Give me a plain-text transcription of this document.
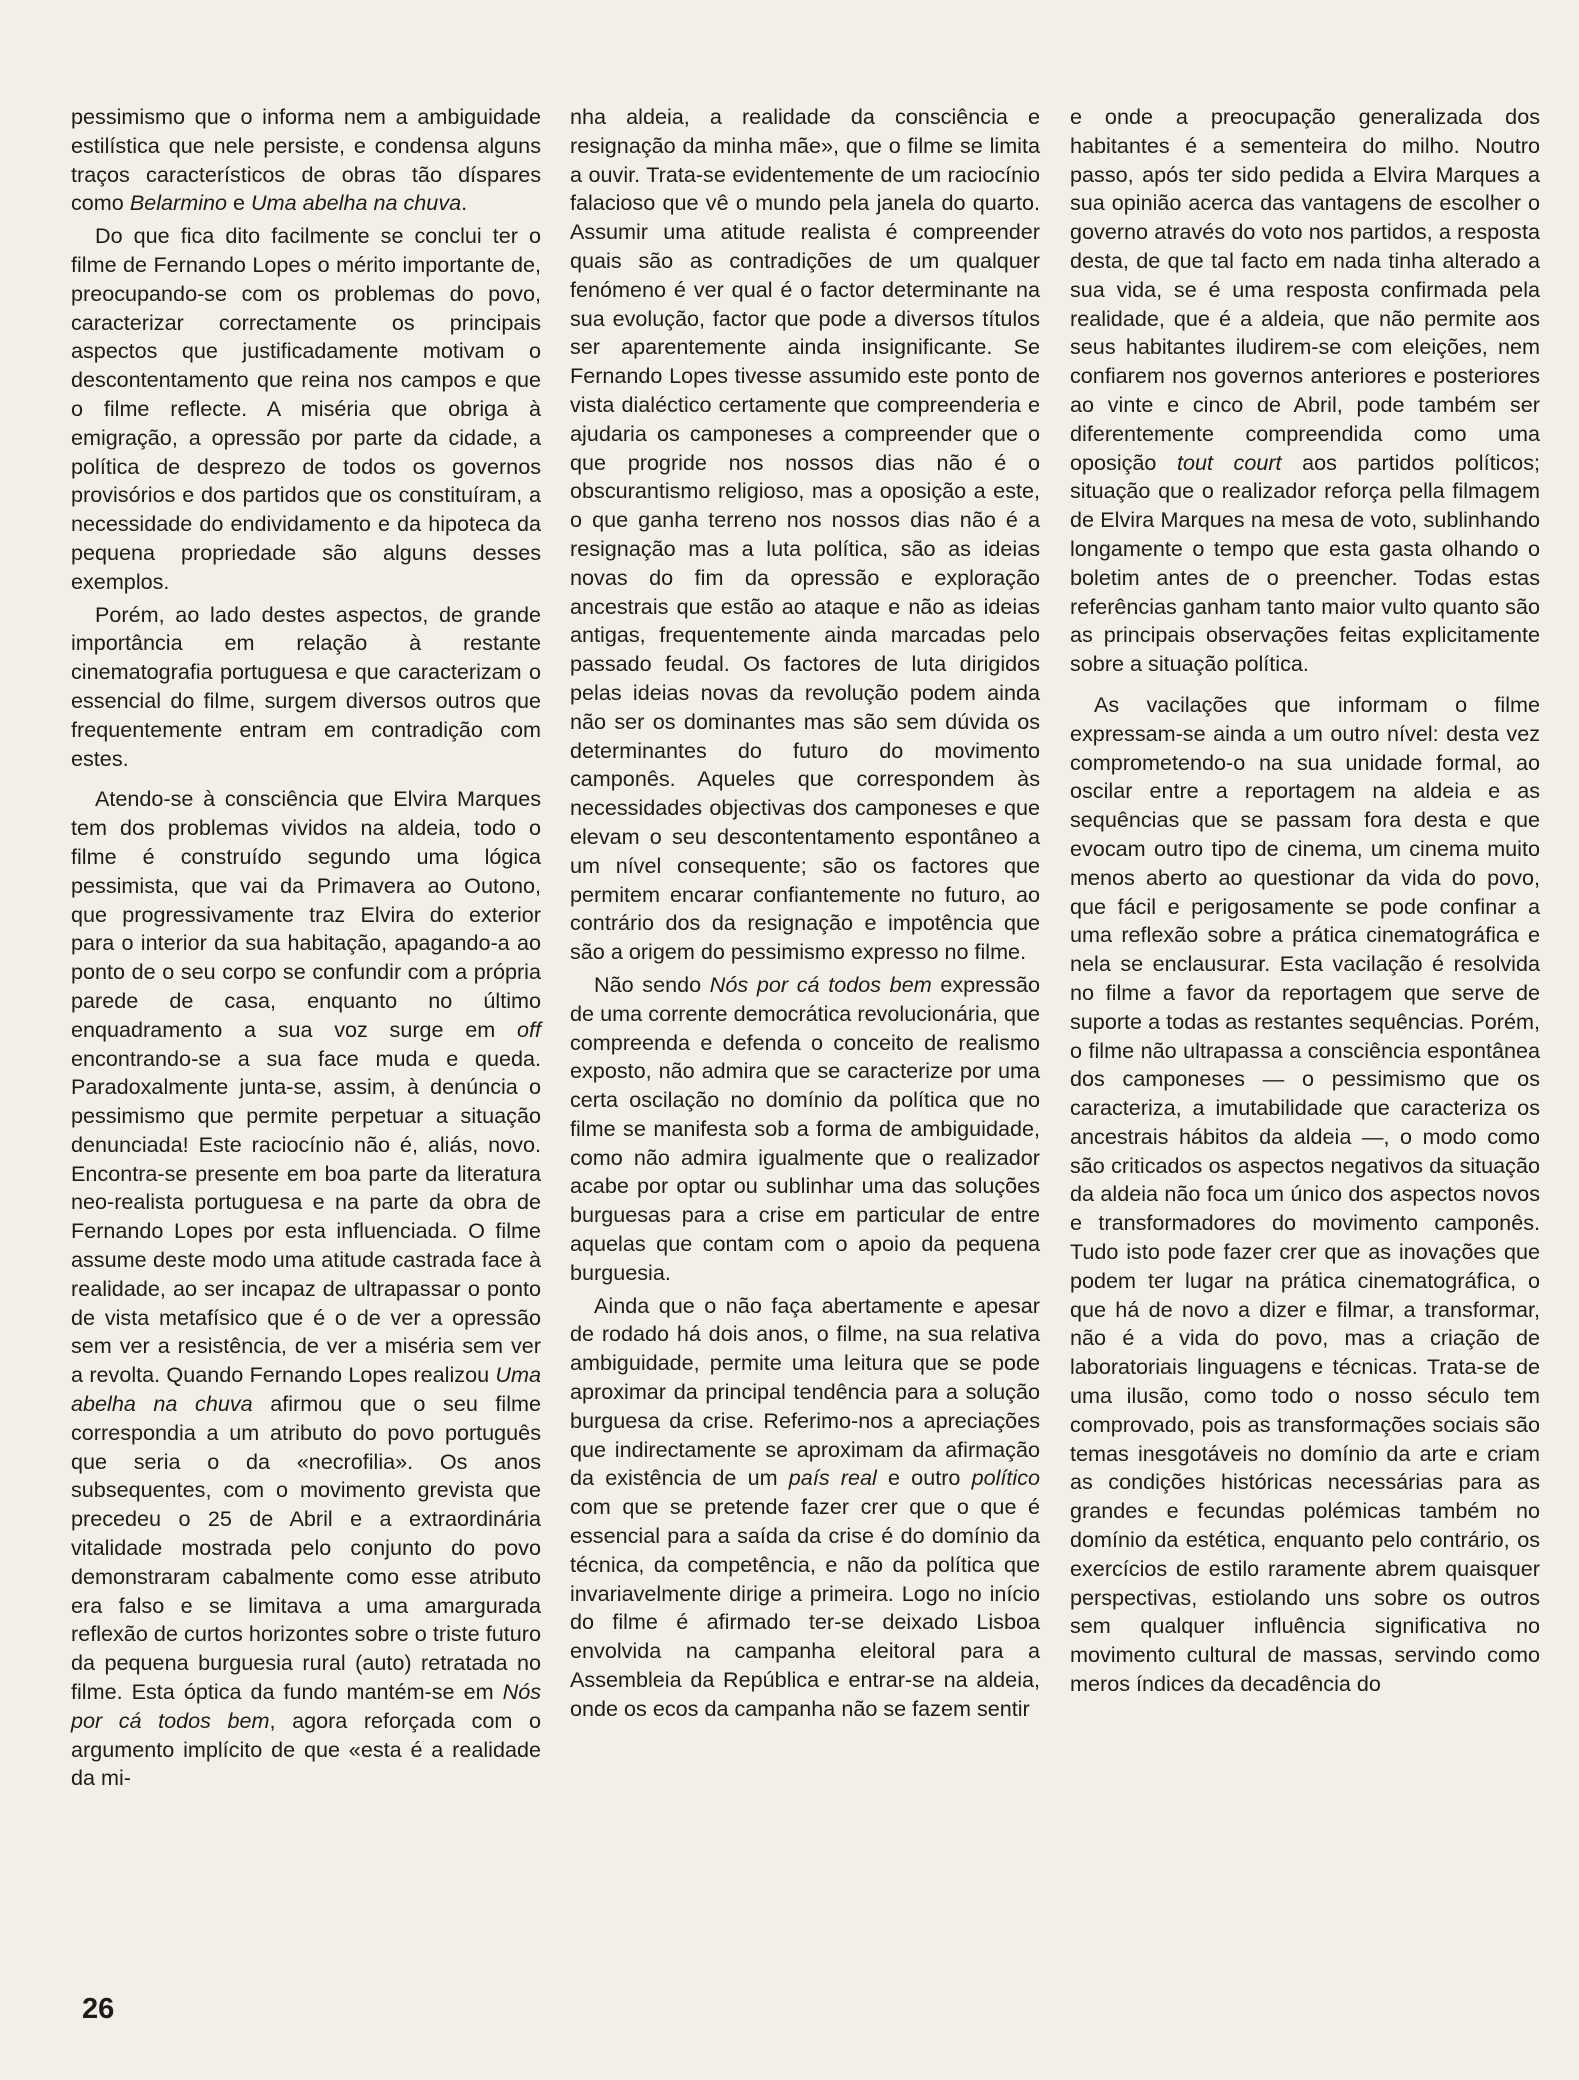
pessimismo que o informa nem a ambiguidade estilística que nele persiste, e condensa alguns traços característicos de obras tão díspares como Belarmino e Uma abelha na chuva.

Do que fica dito facilmente se conclui ter o filme de Fernando Lopes o mérito importante de, preocupando-se com os problemas do povo, caracterizar correctamente os principais aspectos que justificadamente motivam o descontentamento que reina nos campos e que o filme reflecte. A miséria que obriga à emigração, a opressão por parte da cidade, a política de desprezo de todos os governos provisórios e dos partidos que os constituíram, a necessidade do endividamento e da hipoteca da pequena propriedade são alguns desses exemplos.

Porém, ao lado destes aspectos, de grande importância em relação à restante cinematografia portuguesa e que caracterizam o essencial do filme, surgem diversos outros que frequentemente entram em contradição com estes.

Atendo-se à consciência que Elvira Marques tem dos problemas vividos na aldeia, todo o filme é construído segundo uma lógica pessimista, que vai da Primavera ao Outono, que progressivamente traz Elvira do exterior para o interior da sua habitação, apagando-a ao ponto de o seu corpo se confundir com a própria parede de casa, enquanto no último enquadramento a sua voz surge em off encontrando-se a sua face muda e queda. Paradoxalmente junta-se, assim, à denúncia o pessimismo que permite perpetuar a situação denunciada! Este raciocínio não é, aliás, novo. Encontra-se presente em boa parte da literatura neo-realista portuguesa e na parte da obra de Fernando Lopes por esta influenciada. O filme assume deste modo uma atitude castrada face à realidade, ao ser incapaz de ultrapassar o ponto de vista metafísico que é o de ver a opressão sem ver a resistência, de ver a miséria sem ver a revolta. Quando Fernando Lopes realizou Uma abelha na chuva afirmou que o seu filme correspondia a um atributo do povo português que seria o da «necrofilia». Os anos subsequentes, com o movimento grevista que precedeu o 25 de Abril e a extraordinária vitalidade mostrada pelo conjunto do povo demonstraram cabalmente como esse atributo era falso e se limitava a uma amargurada reflexão de curtos horizontes sobre o triste futuro da pequena burguesia rural (auto) retratada no filme. Esta óptica da fundo mantém-se em Nós por cá todos bem, agora reforçada com o argumento implícito de que «esta é a realidade da mi-

nha aldeia, a realidade da consciência e resignação da minha mãe», que o filme se limita a ouvir. Trata-se evidentemente de um raciocínio falacioso que vê o mundo pela janela do quarto. Assumir uma atitude realista é compreender quais são as contradições de um qualquer fenómeno é ver qual é o factor determinante na sua evolução, factor que pode a diversos títulos ser aparentemente ainda insignificante. Se Fernando Lopes tivesse assumido este ponto de vista dialéctico certamente que compreenderia e ajudaria os camponeses a compreender que o que progride nos nossos dias não é o obscurantismo religioso, mas a oposição a este, o que ganha terreno nos nossos dias não é a resignação mas a luta política, são as ideias novas do fim da opressão e exploração ancestrais que estão ao ataque e não as ideias antigas, frequentemente ainda marcadas pelo passado feudal. Os factores de luta dirigidos pelas ideias novas da revolução podem ainda não ser os dominantes mas são sem dúvida os determinantes do futuro do movimento camponês. Aqueles que correspondem às necessidades objectivas dos camponeses e que elevam o seu descontentamento espontâneo a um nível consequente; são os factores que permitem encarar confiantemente no futuro, ao contrário dos da resignação e impotência que são a origem do pessimismo expresso no filme.

Não sendo Nós por cá todos bem expressão de uma corrente democrática revolucionária, que compreenda e defenda o conceito de realismo exposto, não admira que se caracterize por uma certa oscilação no domínio da política que no filme se manifesta sob a forma de ambiguidade, como não admira igualmente que o realizador acabe por optar ou sublinhar uma das soluções burguesas para a crise em particular de entre aquelas que contam com o apoio da pequena burguesia.

Ainda que o não faça abertamente e apesar de rodado há dois anos, o filme, na sua relativa ambiguidade, permite uma leitura que se pode aproximar da principal tendência para a solução burguesa da crise. Referimo-nos a apreciações que indirectamente se aproximam da afirmação da existência de um país real e outro político com que se pretende fazer crer que o que é essencial para a saída da crise é do domínio da técnica, da competência, e não da política que invariavelmente dirige a primeira. Logo no início do filme é afirmado ter-se deixado Lisboa envolvida na campanha eleitoral para a Assembleia da República e entrar-se na aldeia, onde os ecos da campanha não se fazem sentir

e onde a preocupação generalizada dos habitantes é a sementeira do milho. Noutro passo, após ter sido pedida a Elvira Marques a sua opinião acerca das vantagens de escolher o governo através do voto nos partidos, a resposta desta, de que tal facto em nada tinha alterado a sua vida, se é uma resposta confirmada pela realidade, que é a aldeia, que não permite aos seus habitantes iludirem-se com eleições, nem confiarem nos governos anteriores e posteriores ao vinte e cinco de Abril, pode também ser diferentemente compreendida como uma oposição tout court aos partidos políticos; situação que o realizador reforça pella filmagem de Elvira Marques na mesa de voto, sublinhando longamente o tempo que esta gasta olhando o boletim antes de o preencher. Todas estas referências ganham tanto maior vulto quanto são as principais observações feitas explicitamente sobre a situação política.

As vacilações que informam o filme expressam-se ainda a um outro nível: desta vez comprometendo-o na sua unidade formal, ao oscilar entre a reportagem na aldeia e as sequências que se passam fora desta e que evocam outro tipo de cinema, um cinema muito menos aberto ao questionar da vida do povo, que fácil e perigosamente se pode confinar a uma reflexão sobre a prática cinematográfica e nela se enclausurar. Esta vacilação é resolvida no filme a favor da reportagem que serve de suporte a todas as restantes sequências. Porém, o filme não ultrapassa a consciência espontânea dos camponeses — o pessimismo que os caracteriza, a imutabilidade que caracteriza os ancestrais hábitos da aldeia —, o modo como são criticados os aspectos negativos da situação da aldeia não foca um único dos aspectos novos e transformadores do movimento camponês. Tudo isto pode fazer crer que as inovações que podem ter lugar na prática cinematográfica, o que há de novo a dizer e filmar, a transformar, não é a vida do povo, mas a criação de laboratoriais linguagens e técnicas. Trata-se de uma ilusão, como todo o nosso século tem comprovado, pois as transformações sociais são temas inesgotáveis no domínio da arte e criam as condições históricas necessárias para as grandes e fecundas polémicas também no domínio da estética, enquanto pelo contrário, os exercícios de estilo raramente abrem quaisquer perspectivas, estiolando uns sobre os outros sem qualquer influência significativa no movimento cultural de massas, servindo como meros índices da decadência do

26
